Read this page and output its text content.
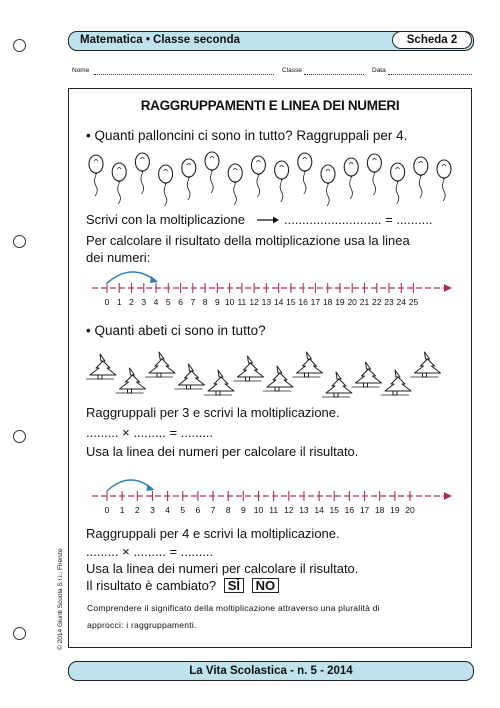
Matematica • Classe seconda	Scheda 2
Nome	Classe	Data
RAGGRUPPAMENTI E LINEA DEI NUMERI
• Quanti palloncini ci sono in tutto? Raggruppali per 4.
Scrivi con la moltiplicazione	........................... = ..........
Per calcolare il risultato della moltiplicazione usa la linea
dei numeri:
0 1 2 3 4 5 6 7 8 9 10 11 12 13 14 15 16 17 18 19 20 21 22 23 24 25
• Quanti abeti ci sono in tutto?
Raggruppali per 3 e scrivi la moltiplicazione.
......... × ......... = .........
Usa la linea dei numeri per calcolare il risultato.
0 1 2 3 4 5 6 7 8 9 10 11 12 13 14 15 16 17 18 19 20
Raggruppali per 4 e scrivi la moltiplicazione.
......... × ......... = .........
Usa la linea dei numeri per calcolare il risultato.
Il risultato è cambiato? SÌ NO
Comprendere il significato della moltiplicazione attraverso una pluralità di
approcci: i raggruppamenti.
© 2014 Giunti Scuola S.r.l., Firenze
La Vita Scolastica - n. 5 - 2014
